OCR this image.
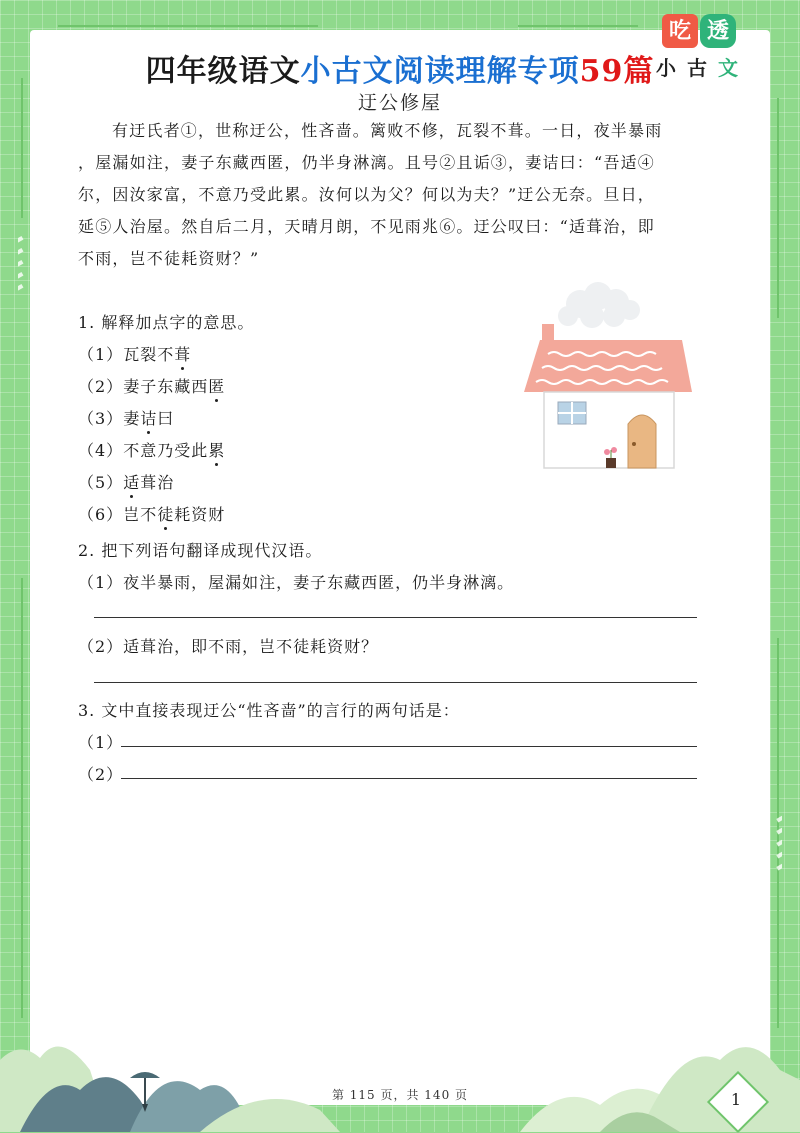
四年级语文小古文阅读理解专项59篇
吃 透
小 古 文
迂公修屋

有迂氏者①，世称迂公，性吝啬。篱败不修，瓦裂不葺。一日，夜半暴雨

，屋漏如注，妻子东藏西匿，仍半身淋漓。且号②且诟③，妻诘曰：“吾适④

尔，因汝家富，不意乃受此累。汝何以为父？何以为夫？”迂公无奈。旦日，

延⑤人治屋。然自后二月，天晴月朗，不见雨兆⑥。迂公叹曰：“适葺治，即

不雨，岂不徒耗资财？”

1. 解释加点字的意思。
（1）瓦裂不葺
（2）妻子东藏西匿
（3）妻诘曰
（4）不意乃受此累
（5）适葺治
（6）岂不徒耗资财
2. 把下列语句翻译成现代汉语。
（1）夜半暴雨，屋漏如注，妻子东藏西匿，仍半身淋漓。
（2）适葺治，即不雨，岂不徒耗资财？
3. 文中直接表现迂公“性吝啬”的言行的两句话是：
（1）
（2）
第 115 页，共 140 页	1
